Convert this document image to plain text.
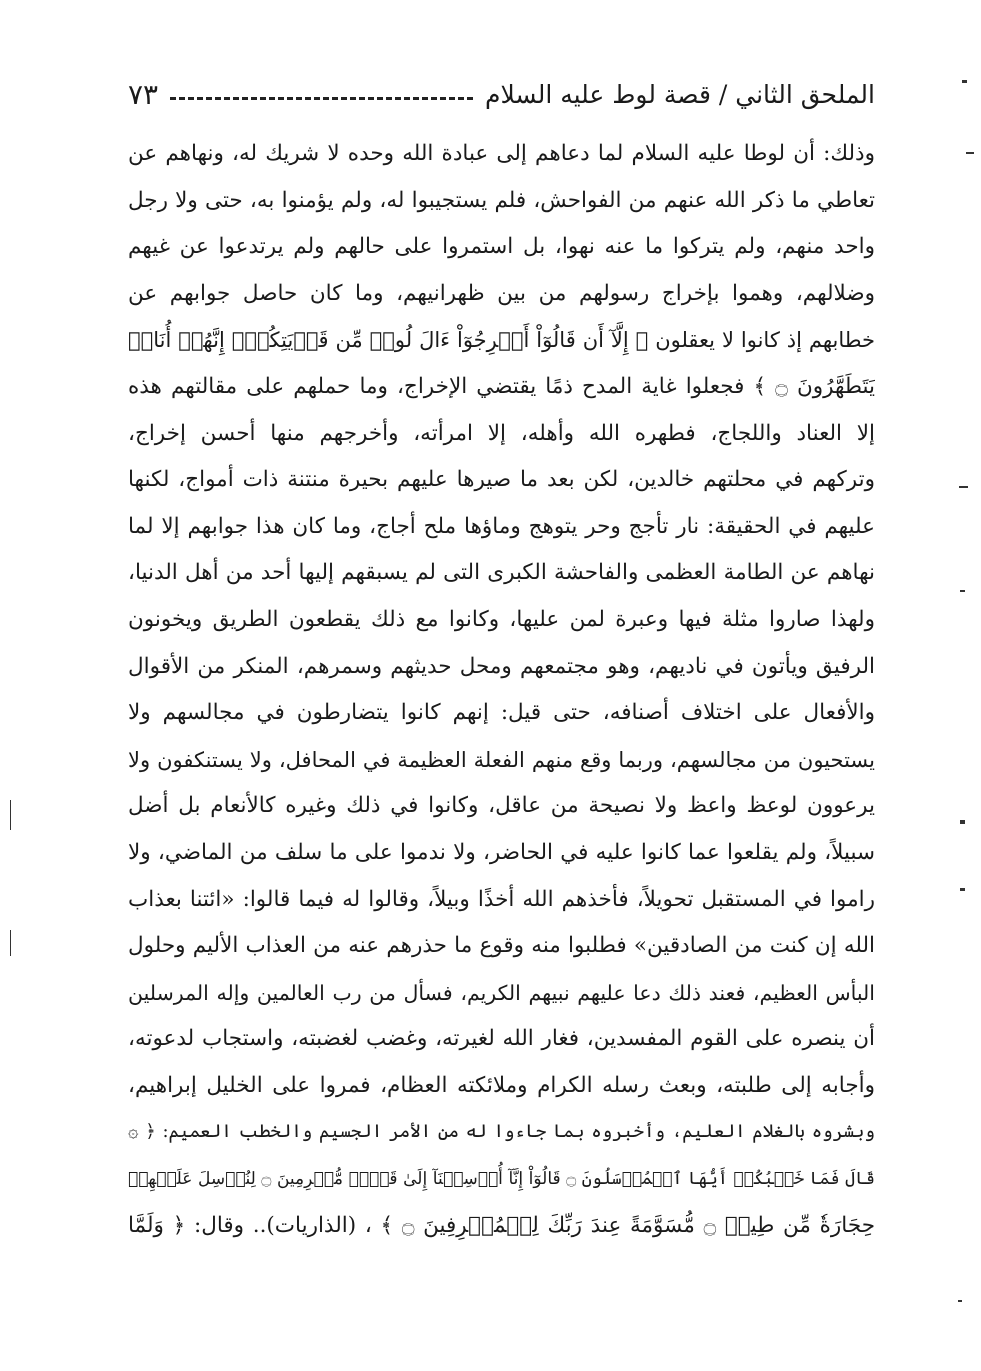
الملحق الثاني / قصة لوط عليه السلام
٧٣
وذلك: أن لوطا عليه السلام لما دعاهم إلى عبادة الله وحده لا شريك له، ونهاهم عن
تعاطي ما ذكر الله عنهم من الفواحش، فلم يستجيبوا له، ولم يؤمنوا به، حتى ولا رجل
واحد منهم، ولم يتركوا ما عنه نهوا، بل استمروا على حالهم ولم يرتدعوا عن غيهم
وضلالهم، وهموا بإخراج رسولهم من بين ظهرانيهم، وما كان حاصل جوابهم عن
خطابهم إذ كانوا لا يعقلون ﴿ إِلَّآ أَن قَالُوٓاْ أَخۡرِجُوٓاْ ءَالَ لُوطٖ مِّن قَرۡيَتِكُمۡۖ إِنَّهُمۡ أُنَاسٞ
يَتَطَهَّرُونَ ۝ ﴾ فجعلوا غاية المدح ذمًا يقتضي الإخراج، وما حملهم على مقالتهم هذه
إلا العناد واللجاج، فطهره الله وأهله، إلا امرأته، وأخرجهم منها أحسن إخراج،
وتركهم في محلتهم خالدين، لكن بعد ما صيرها عليهم بحيرة منتنة ذات أمواج، لكنها
عليهم في الحقيقة: نار تأجج وحر يتوهج وماؤها ملح أجاج، وما كان هذا جوابهم إلا لما
نهاهم عن الطامة العظمى والفاحشة الكبرى التى لم يسبقهم إليها أحد من أهل الدنيا،
ولهذا صاروا مثلة فيها وعبرة لمن عليها، وكانوا مع ذلك يقطعون الطريق ويخونون
الرفيق ويأتون في ناديهم، وهو مجتمعهم ومحل حديثهم وسمرهم، المنكر من الأقوال
والأفعال على اختلاف أصنافه، حتى قيل: إنهم كانوا يتضارطون في مجالسهم ولا
يستحيون من مجالسهم، وربما وقع منهم الفعلة العظيمة في المحافل، ولا يستنكفون ولا
يرعوون لوعظ واعظ ولا نصيحة من عاقل، وكانوا في ذلك وغيره كالأنعام بل أضل
سبيلاً، ولم يقلعوا عما كانوا عليه في الحاضر، ولا ندموا على ما سلف من الماضي، ولا
راموا في المستقبل تحويلاً، فأخذهم الله أخذًا وبيلاً، وقالوا له فيما قالوا: «ائتنا بعذاب
الله إن كنت من الصادقين» فطلبوا منه وقوع ما حذرهم عنه من العذاب الأليم وحلول
البأس العظيم، فعند ذلك دعا عليهم نبيهم الكريم، فسأل من رب العالمين وإله المرسلين
أن ينصره على القوم المفسدين، فغار الله لغيرته، وغضب لغضبته، واستجاب لدعوته،
وأجابه إلى طلبته، وبعث رسله الكرام وملائكته العظام، فمروا على الخليل إبراهيم،
وبشروه بالغلام العليم، وأخبروه بما جاءوا له من الأمر الجسيم والخطب العميم: ﴿ ۞
قَالَ فَمَا خَطۡبُكُمۡ أَيُّهَا ٱلۡمُرۡسَلُونَ ۝ قَالُوٓاْ إِنَّآ أُرۡسِلۡنَآ إِلَىٰ قَوۡمٖ مُّجۡرِمِينَ ۝ لِنُرۡسِلَ عَلَيۡهِمۡ
حِجَارَةٗ مِّن طِينٖ ۝ مُّسَوَّمَةً عِندَ رَبِّكَ لِلۡمُسۡرِفِينَ ۝ ﴾ ، (الذاريات).. وقال: ﴿ وَلَمَّا
